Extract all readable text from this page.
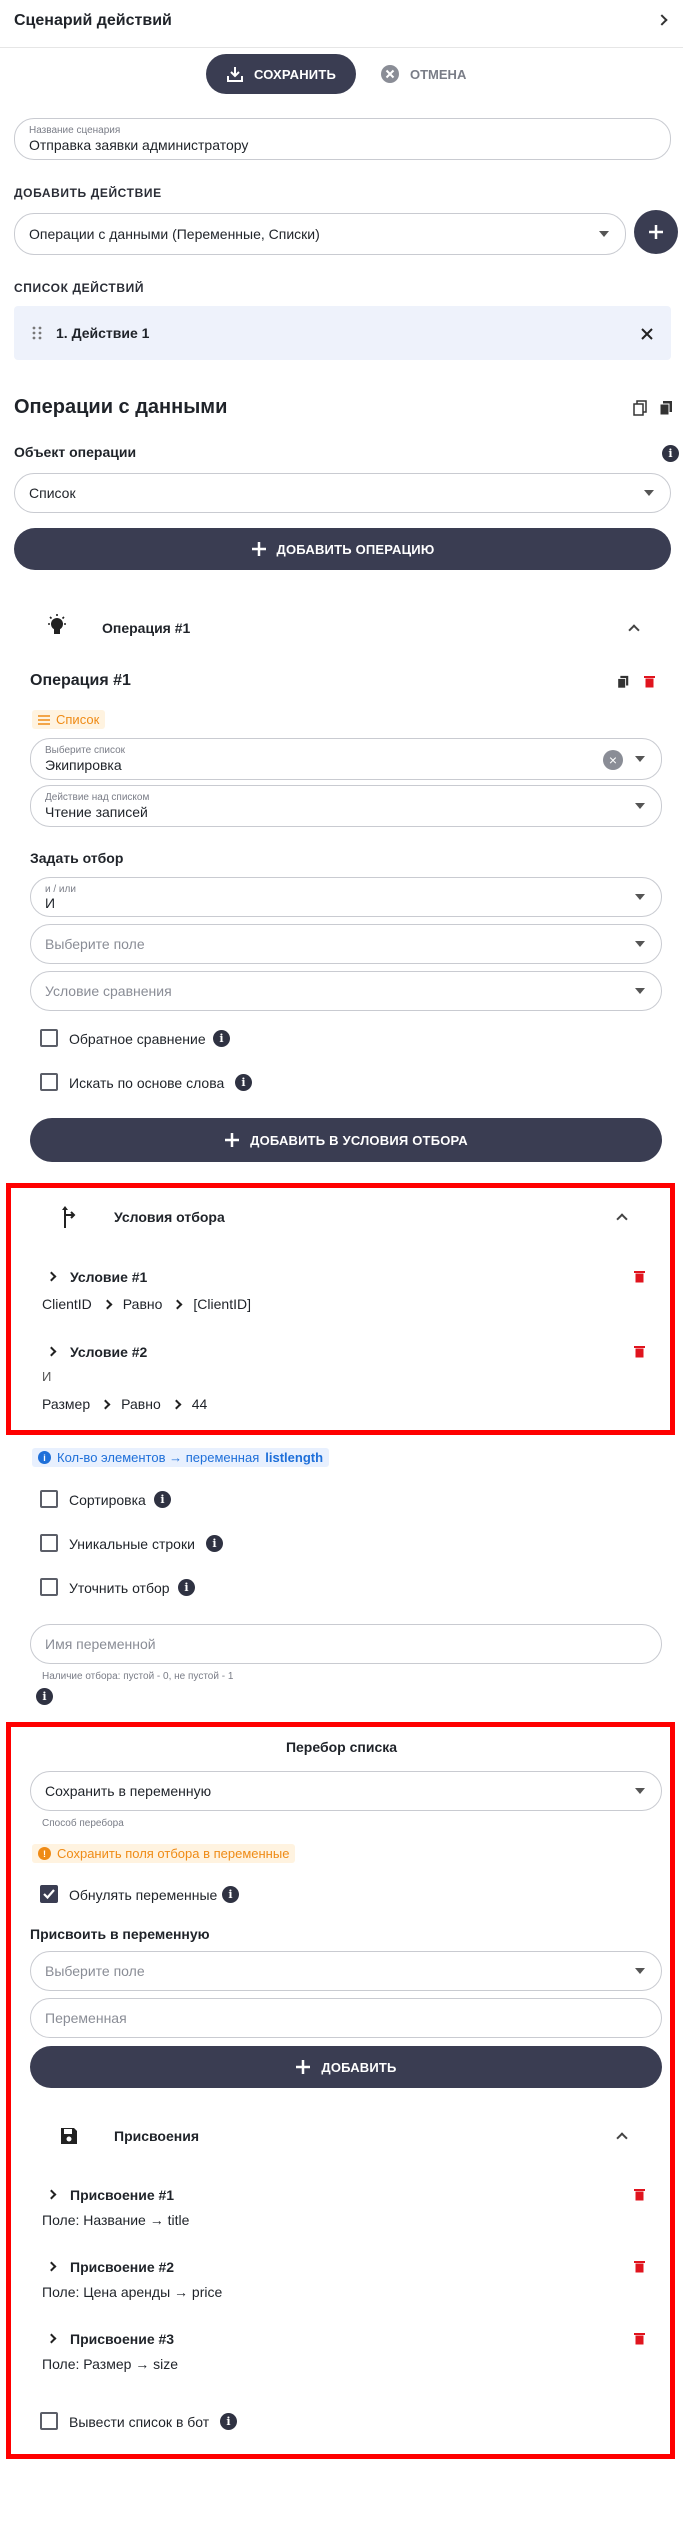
Сценарий действий
СОХРАНИТЬ	ОТМЕНА
Название сценария
Отправка заявки администратору
ДОБАВИТЬ ДЕЙСТВИЕ
Операции с данными (Переменные, Списки)
СПИСОК ДЕЙСТВИЙ
1. Действие 1
Операции с данными
Объект операции	i
Список
ДОБАВИТЬ ОПЕРАЦИЮ
Операция #1
Операция #1
Список
Выберите список
Экипировка	×
Действие над списком
Чтение записей
Задать отбор
и / или
И
Выберите поле
Условие сравнения
Обратное сравнение	i
Искать по основе слова	i
ДОБАВИТЬ В УСЛОВИЯ ОТБОРА
Условия отбора
Условие #1
ClientID Равно [ClientID]
Условие #2
И
Размер Равно 44
i Кол-во элементов → переменная listlength
Сортировка	i
Уникальные строки	i
Уточнить отбор	i
Имя переменной
Наличие отбора: пустой - 0, не пустой - 1
i
Перебор списка
Сохранить в переменную
Способ перебора
! Сохранить поля отбора в переменные
Обнулять переменные	i
Присвоить в переменную
Выберите поле
Переменная
ДОБАВИТЬ
Присвоения
Присвоение #1
Поле: Название → title
Присвоение #2
Поле: Цена аренды → price
Присвоение #3
Поле: Размер → size
Вывести список в бот	i
